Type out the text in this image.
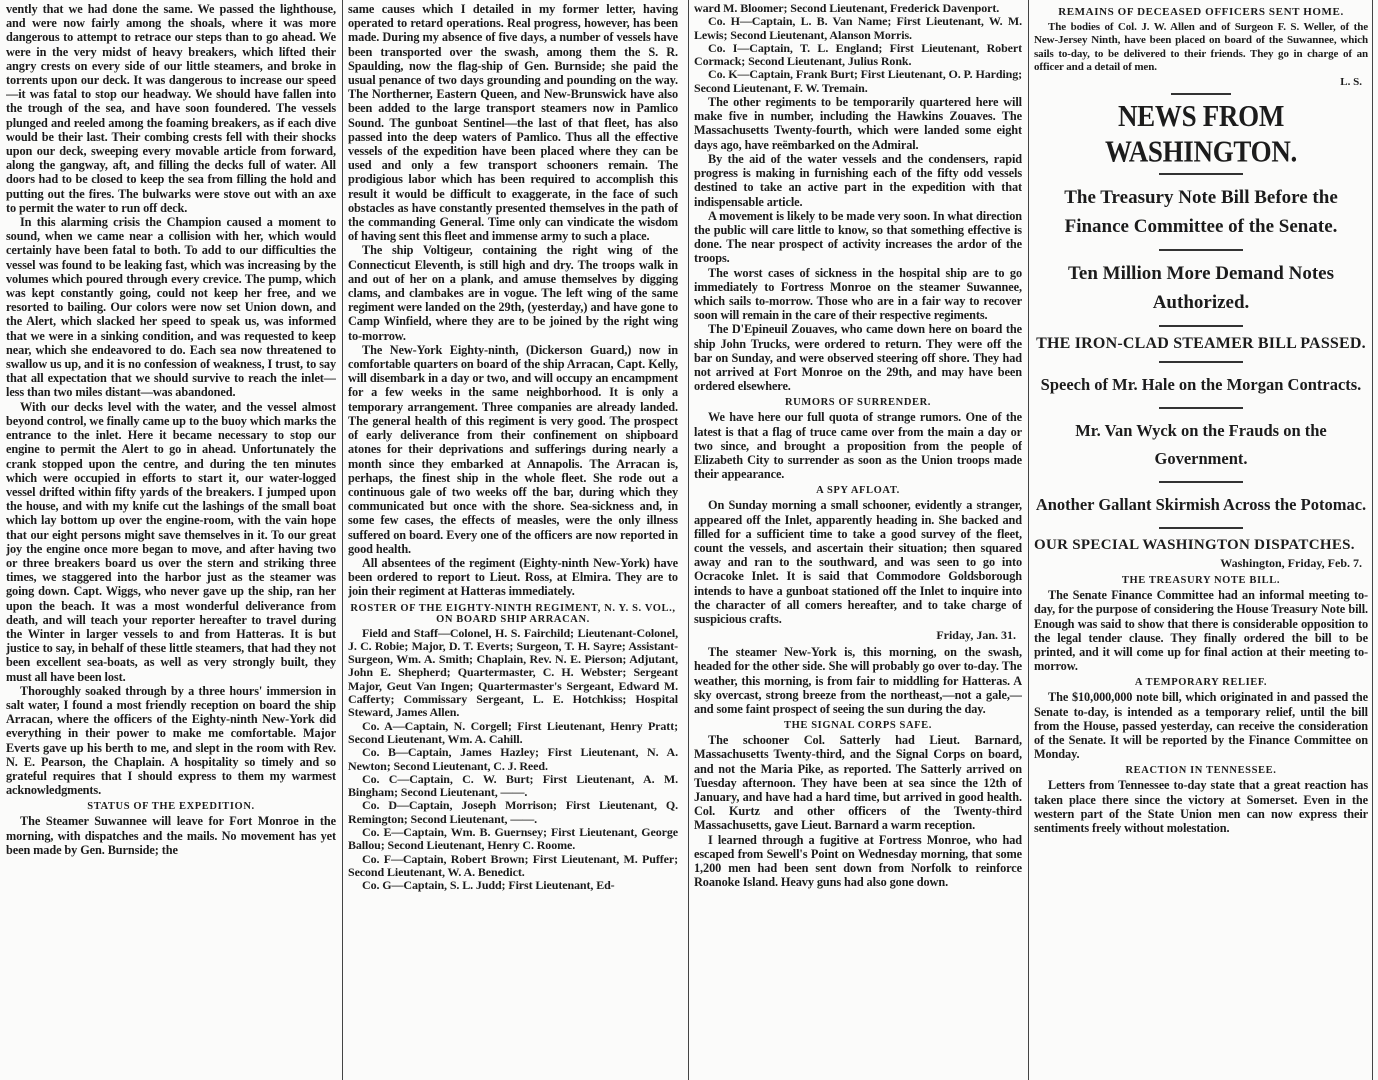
vently that we had done the same. We passed the lighthouse, and were now fairly among the shoals, where it was more dangerous to attempt to retrace our steps than to go ahead. We were in the very midst of heavy breakers, which lifted their angry crests on every side of our little steamers, and broke in torrents upon our deck. It was dangerous to increase our speed—it was fatal to stop our headway. We should have fallen into the trough of the sea, and have soon foundered. The vessels plunged and reeled among the foaming breakers, as if each dive would be their last. Their combing crests fell with their shocks upon our deck, sweeping every movable article from forward, along the gangway, aft, and filling the decks full of water. All doors had to be closed to keep the sea from filling the hold and putting out the fires. The bulwarks were stove out with an axe to permit the water to run off deck.

In this alarming crisis the Champion caused a moment to sound, when we came near a collision with her, which would certainly have been fatal to both. To add to our difficulties the vessel was found to be leaking fast, which was increasing by the volumes which poured through every crevice. The pump, which was kept constantly going, could not keep her free, and we resorted to bailing. Our colors were now set Union down, and the Alert, which slacked her speed to speak us, was informed that we were in a sinking condition, and was requested to keep near, which she endeavored to do. Each sea now threatened to swallow us up, and it is no confession of weakness, I trust, to say that all expectation that we should survive to reach the inlet—less than two miles distant—was abandoned.

With our decks level with the water, and the vessel almost beyond control, we finally came up to the buoy which marks the entrance to the inlet. Here it became necessary to stop our engine to permit the Alert to go in ahead. Unfortunately the crank stopped upon the centre, and during the ten minutes which were occupied in efforts to start it, our water-logged vessel drifted within fifty yards of the breakers. I jumped upon the house, and with my knife cut the lashings of the small boat which lay bottom up over the engine-room, with the vain hope that our eight persons might save themselves in it. To our great joy the engine once more began to move, and after having two or three breakers board us over the stern and striking three times, we staggered into the harbor just as the steamer was going down. Capt. Wiggs, who never gave up the ship, ran her upon the beach. It was a most wonderful deliverance from death, and will teach your reporter hereafter to travel during the Winter in larger vessels to and from Hatteras. It is but justice to say, in behalf of these little steamers, that had they not been excellent sea-boats, as well as very strongly built, they must all have been lost.

Thoroughly soaked through by a three hours' immersion in salt water, I found a most friendly reception on board the ship Arracan, where the officers of the Eighty-ninth New-York did everything in their power to make me comfortable. Major Everts gave up his berth to me, and slept in the room with Rev. N. E. Pearson, the Chaplain. A hospitality so timely and so grateful requires that I should express to them my warmest acknowledgments.

STATUS OF THE EXPEDITION.

The Steamer Suwannee will leave for Fort Monroe in the morning, with dispatches and the mails. No movement has yet been made by Gen. Burnside; the

same causes which I detailed in my former letter, having operated to retard operations. Real progress, however, has been made. During my absence of five days, a number of vessels have been transported over the swash, among them the S. R. Spaulding, now the flag-ship of Gen. Burnside; she paid the usual penance of two days grounding and pounding on the way. The Northerner, Eastern Queen, and New-Brunswick have also been added to the large transport steamers now in Pamlico Sound. The gunboat Sentinel—the last of that fleet, has also passed into the deep waters of Pamlico. Thus all the effective vessels of the expedition have been placed where they can be used and only a few transport schooners remain. The prodigious labor which has been required to accomplish this result it would be difficult to exaggerate, in the face of such obstacles as have constantly presented themselves in the path of the commanding General. Time only can vindicate the wisdom of having sent this fleet and immense army to such a place.

The ship Voltigeur, containing the right wing of the Connecticut Eleventh, is still high and dry. The troops walk in and out of her on a plank, and amuse themselves by digging clams, and clambakes are in vogue. The left wing of the same regiment were landed on the 29th, (yesterday,) and have gone to Camp Winfield, where they are to be joined by the right wing to-morrow.

The New-York Eighty-ninth, (Dickerson Guard,) now in comfortable quarters on board of the ship Arracan, Capt. Kelly, will disembark in a day or two, and will occupy an encampment for a few weeks in the same neighborhood. It is only a temporary arrangement. Three companies are already landed. The general health of this regiment is very good. The prospect of early deliverance from their confinement on shipboard atones for their deprivations and sufferings during nearly a month since they embarked at Annapolis. The Arracan is, perhaps, the finest ship in the whole fleet. She rode out a continuous gale of two weeks off the bar, during which they communicated but once with the shore. Sea-sickness and, in some few cases, the effects of measles, were the only illness suffered on board. Every one of the officers are now reported in good health.

All absentees of the regiment (Eighty-ninth New-York) have been ordered to report to Lieut. Ross, at Elmira. They are to join their regiment at Hatteras immediately.

ROSTER OF THE EIGHTY-NINTH REGIMENT, N. Y. S. VOL., ON BOARD SHIP ARRACAN.

Field and Staff—Colonel, H. S. Fairchild; Lieutenant-Colonel, J. C. Robie; Major, D. T. Everts; Surgeon, T. H. Sayre; Assistant-Surgeon, Wm. A. Smith; Chaplain, Rev. N. E. Pierson; Adjutant, John E. Shepherd; Quartermaster, C. H. Webster; Sergeant Major, Geut Van Ingen; Quartermaster's Sergeant, Edward M. Cafferty; Commissary Sergeant, L. E. Hotchkiss; Hospital Steward, James Allen.

Co. A—Captain, N. Corgell; First Lieutenant, Henry Pratt; Second Lieutenant, Wm. A. Cahill.

Co. B—Captain, James Hazley; First Lieutenant, N. A. Newton; Second Lieutenant, C. J. Reed.

Co. C—Captain, C. W. Burt; First Lieutenant, A. M. Bingham; Second Lieutenant, ——.

Co. D—Captain, Joseph Morrison; First Lieutenant, Q. Remington; Second Lieutenant, ——.

Co. E—Captain, Wm. B. Guernsey; First Lieutenant, George Ballou; Second Lieutenant, Henry C. Roome.

Co. F—Captain, Robert Brown; First Lieutenant, M. Puffer; Second Lieutenant, W. A. Benedict.

Co. G—Captain, S. L. Judd; First Lieutenant, Ed-

ward M. Bloomer; Second Lieutenant, Frederick Davenport.

Co. H—Captain, L. B. Van Name; First Lieutenant, W. M. Lewis; Second Lieutenant, Alanson Morris.

Co. I—Captain, T. L. England; First Lieutenant, Robert Cormack; Second Lieutenant, Julius Ronk.

Co. K—Captain, Frank Burt; First Lieutenant, O. P. Harding; Second Lieutenant, F. W. Tremain.

The other regiments to be temporarily quartered here will make five in number, including the Hawkins Zouaves. The Massachusetts Twenty-fourth, which were landed some eight days ago, have reëmbarked on the Admiral.

By the aid of the water vessels and the condensers, rapid progress is making in furnishing each of the fifty odd vessels destined to take an active part in the expedition with that indispensable article.

A movement is likely to be made very soon. In what direction the public will care little to know, so that something effective is done. The near prospect of activity increases the ardor of the troops.

The worst cases of sickness in the hospital ship are to go immediately to Fortress Monroe on the steamer Suwannee, which sails to-morrow. Those who are in a fair way to recover soon will remain in the care of their respective regiments.

The D'Epineuil Zouaves, who came down here on board the ship John Trucks, were ordered to return. They were off the bar on Sunday, and were observed steering off shore. They had not arrived at Fort Monroe on the 29th, and may have been ordered elsewhere.

RUMORS OF SURRENDER.

We have here our full quota of strange rumors. One of the latest is that a flag of truce came over from the main a day or two since, and brought a proposition from the people of Elizabeth City to surrender as soon as the Union troops made their appearance.

A SPY AFLOAT.

On Sunday morning a small schooner, evidently a stranger, appeared off the Inlet, apparently heading in. She backed and filled for a sufficient time to take a good survey of the fleet, count the vessels, and ascertain their situation; then squared away and ran to the southward, and was seen to go into Ocracoke Inlet. It is said that Commodore Goldsborough intends to have a gunboat stationed off the Inlet to inquire into the character of all comers hereafter, and to take charge of suspicious crafts.

Friday, Jan. 31.

The steamer New-York is, this morning, on the swash, headed for the other side. She will probably go over to-day. The weather, this morning, is from fair to middling for Hatteras. A sky overcast, strong breeze from the northeast,—not a gale,—and some faint prospect of seeing the sun during the day.

THE SIGNAL CORPS SAFE.

The schooner Col. Satterly had Lieut. Barnard, Massachusetts Twenty-third, and the Signal Corps on board, and not the Maria Pike, as reported. The Satterly arrived on Tuesday afternoon. They have been at sea since the 12th of January, and have had a hard time, but arrived in good health. Col. Kurtz and other officers of the Twenty-third Massachusetts, gave Lieut. Barnard a warm reception.

I learned through a fugitive at Fortress Monroe, who had escaped from Sewell's Point on Wednesday morning, that some 1,200 men had been sent down from Norfolk to reinforce Roanoke Island. Heavy guns had also gone down.

REMAINS OF DECEASED OFFICERS SENT HOME.

The bodies of Col. J. W. Allen and of Surgeon F. S. Weller, of the New-Jersey Ninth, have been placed on board of the Suwannee, which sails to-day, to be delivered to their friends. They go in charge of an officer and a detail of men.

L. S.
NEWS FROM WASHINGTON.
The Treasury Note Bill Before the Finance Committee of the Senate.
Ten Million More Demand Notes Authorized.
THE IRON-CLAD STEAMER BILL PASSED.
Speech of Mr. Hale on the Morgan Contracts.
Mr. Van Wyck on the Frauds on the Government.
Another Gallant Skirmish Across the Potomac.
OUR SPECIAL WASHINGTON DISPATCHES.
Washington, Friday, Feb. 7.
THE TREASURY NOTE BILL.

The Senate Finance Committee had an informal meeting to-day, for the purpose of considering the House Treasury Note bill. Enough was said to show that there is considerable opposition to the legal tender clause. They finally ordered the bill to be printed, and it will come up for final action at their meeting to-morrow.

A TEMPORARY RELIEF.

The $10,000,000 note bill, which originated in and passed the Senate to-day, is intended as a temporary relief, until the bill from the House, passed yesterday, can receive the consideration of the Senate. It will be reported by the Finance Committee on Monday.

REACTION IN TENNESSEE.

Letters from Tennessee to-day state that a great reaction has taken place there since the victory at Somerset. Even in the western part of the State Union men can now express their sentiments freely without molestation.
